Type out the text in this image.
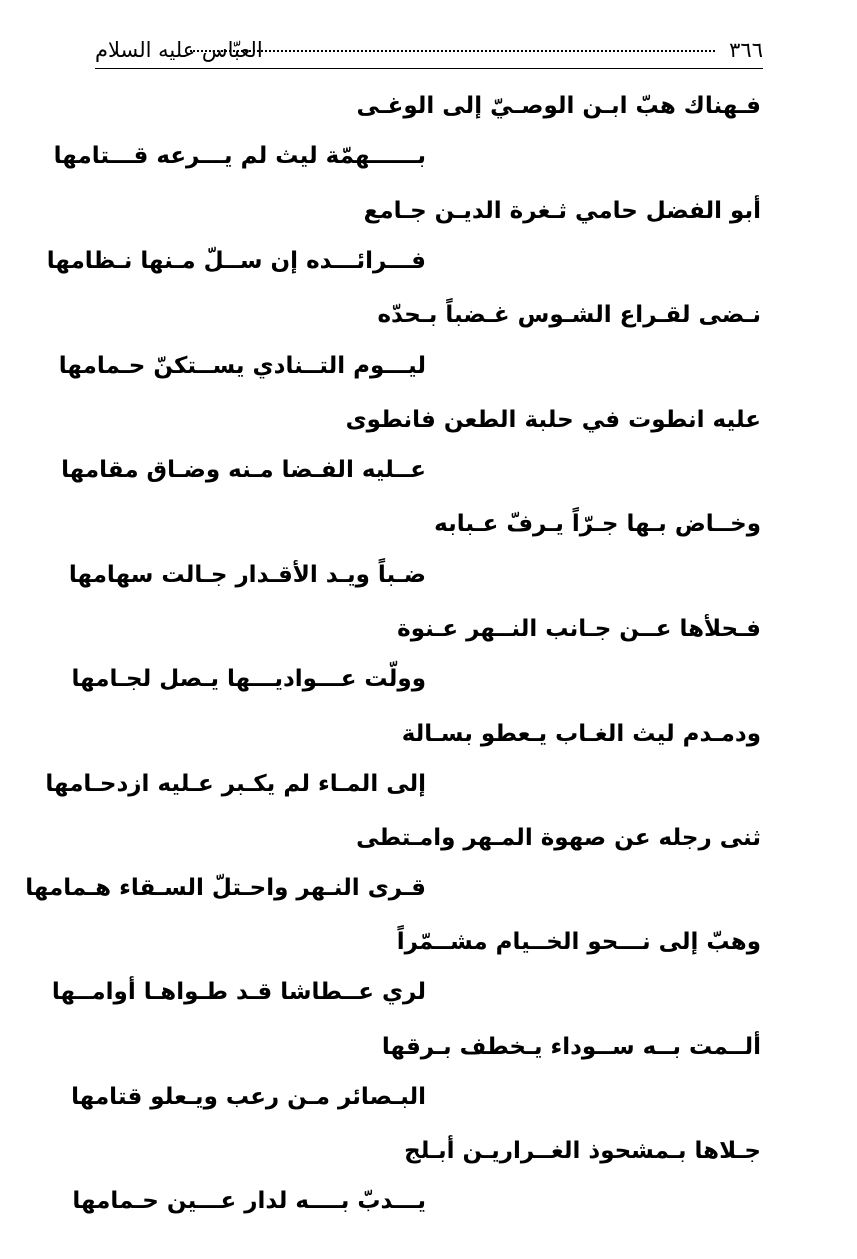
٣٦٦
العبّاس عليه السلام
فـهناك هبّ ابـن الوصـيّ إلى الوغـى
بــــــهمّة ليث لم يـــرعه قـــتامها
أبو الفضل حامي ثـغرة الديـن جـامع
فـــرائـــده إن ســلّ مـنها نـظامها
نـضى لقـراع الشـوس غـضباً بـحدّه
ليـــوم التــنادي يســتكنّ حـمامها
عليه انطوت في حلبة الطعن فانطوى
عــليه الفـضا مـنه وضـاق مقامها
وخــاض بـها جـرّاً يـرفّ عـبابه
ضـباً ويـد الأقـدار جـالت سهامها
فـحلأها عــن جـانب النــهر عـنوة
وولّت عـــواديـــها يـصل لجـامها
ودمـدم ليث الغـاب يـعطو بسـالة
إلى المـاء لم يكـبر عـليه ازدحـامها
ثنى رجله عن صهوة المـهر وامـتطى
قـرى النـهر واحـتلّ السـقاء هـمامها
وهبّ إلى نـــحو الخــيام مشــمّراً
لري عــطاشا قـد طـواهـا أوامــها
ألــمت بــه ســوداء يـخطف بـرقها
البـصائر مـن رعب ويـعلو قتامها
جـلاها بـمشحوذ الغــراريـن أبـلج
يـــدبّ بــــه لدار عـــين حـمامها
